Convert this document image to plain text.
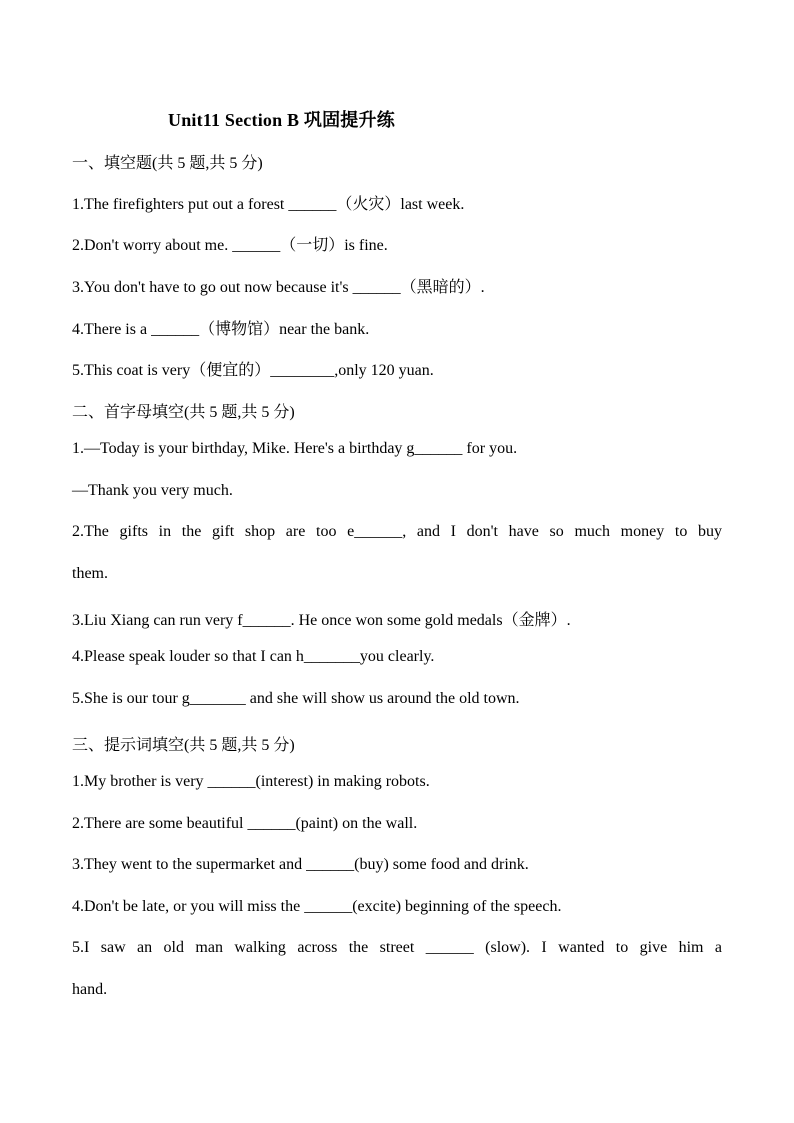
Unit11 Section B 巩固提升练
一、填空题(共 5 题,共 5 分)
1.The firefighters put out a forest ______（火灾）last week.
2.Don't worry about me. ______（一切）is fine.
3.You don't have to go out now because it's ______（黑暗的）.
4.There is a ______（博物馆）near the bank.
5.This coat is very（便宜的）________,only 120 yuan.
二、首字母填空(共 5 题,共 5 分)
1.—Today is your birthday, Mike. Here's a birthday g______ for you.
—Thank you very much.
2.The gifts in the gift shop are too e______, and I don't have so much money to buy
them.
3.Liu Xiang can run very f______. He once won some gold medals（金牌）.
4.Please speak louder so that I can h_______you clearly.
5.She is our tour g_______ and she will show us around the old town.
三、提示词填空(共 5 题,共 5 分)
1.My brother is very ______(interest) in making robots.
2.There are some beautiful ______(paint) on the wall.
3.They went to the supermarket and ______(buy) some food and drink.
4.Don't be late, or you will miss the ______(excite) beginning of the speech.
5.I saw an old man walking across the street ______ (slow). I wanted to give him a
hand.
